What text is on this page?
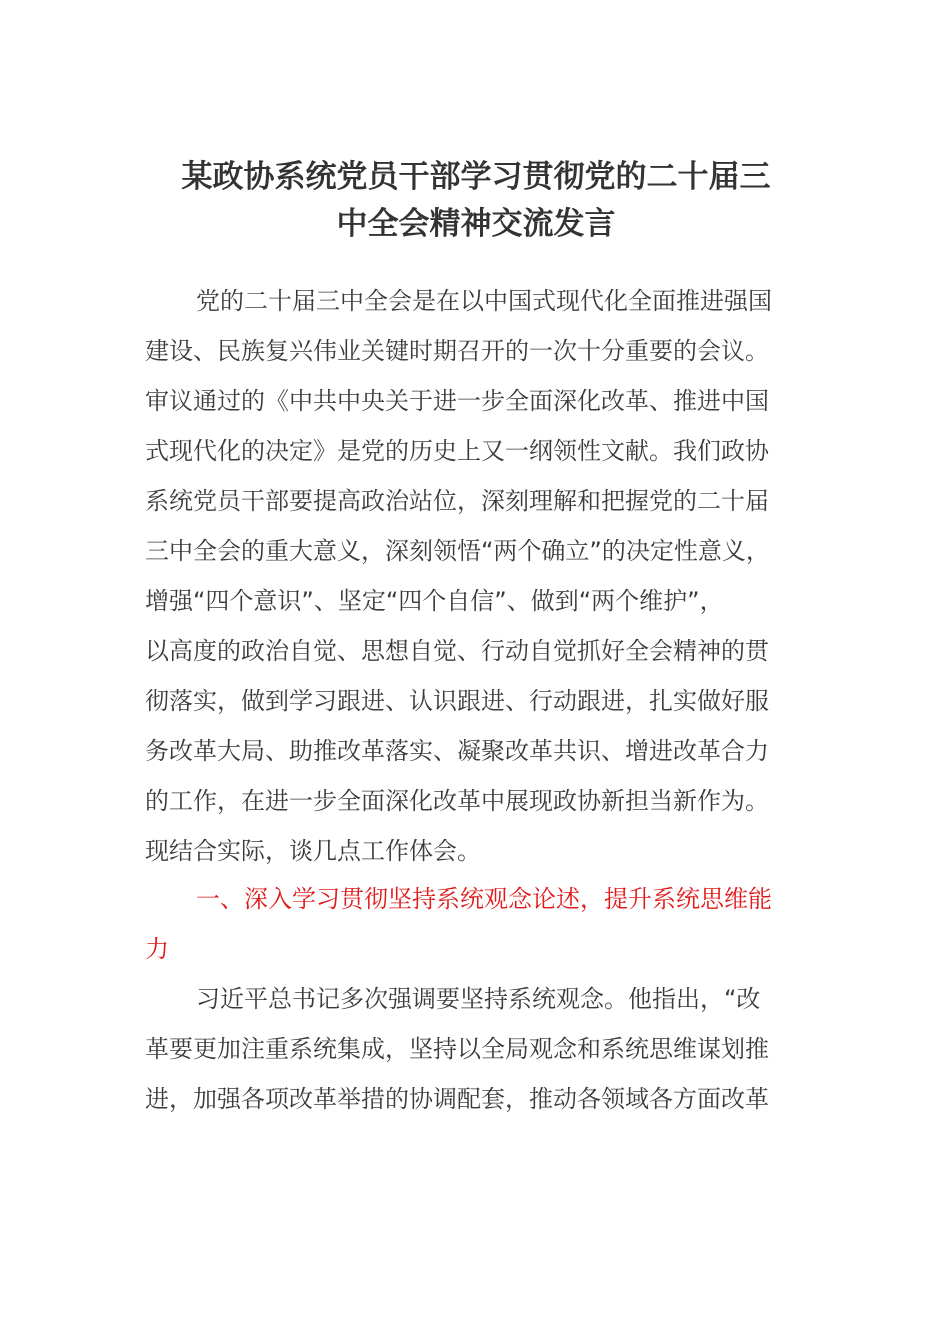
某政协系统党员干部学习贯彻党的二十届三
中全会精神交流发言
党的二十届三中全会是在以中国式现代化全面推进强国
建设、民族复兴伟业关键时期召开的一次十分重要的会议。
审议通过的《中共中央关于进一步全面深化改革、推进中国
式现代化的决定》是党的历史上又一纲领性文献。我们政协
系统党员干部要提高政治站位，深刻理解和把握党的二十届
三中全会的重大意义，深刻领悟“两个确立”的决定性意义，
增强“四个意识”、坚定“四个自信”、做到“两个维护”，
以高度的政治自觉、思想自觉、行动自觉抓好全会精神的贯
彻落实，做到学习跟进、认识跟进、行动跟进，扎实做好服
务改革大局、助推改革落实、凝聚改革共识、增进改革合力
的工作，在进一步全面深化改革中展现政协新担当新作为。
现结合实际，谈几点工作体会。
一、深入学习贯彻坚持系统观念论述，提升系统思维能
力
习近平总书记多次强调要坚持系统观念。他指出，“改
革要更加注重系统集成，坚持以全局观念和系统思维谋划推
进，加强各项改革举措的协调配套，推动各领域各方面改革
